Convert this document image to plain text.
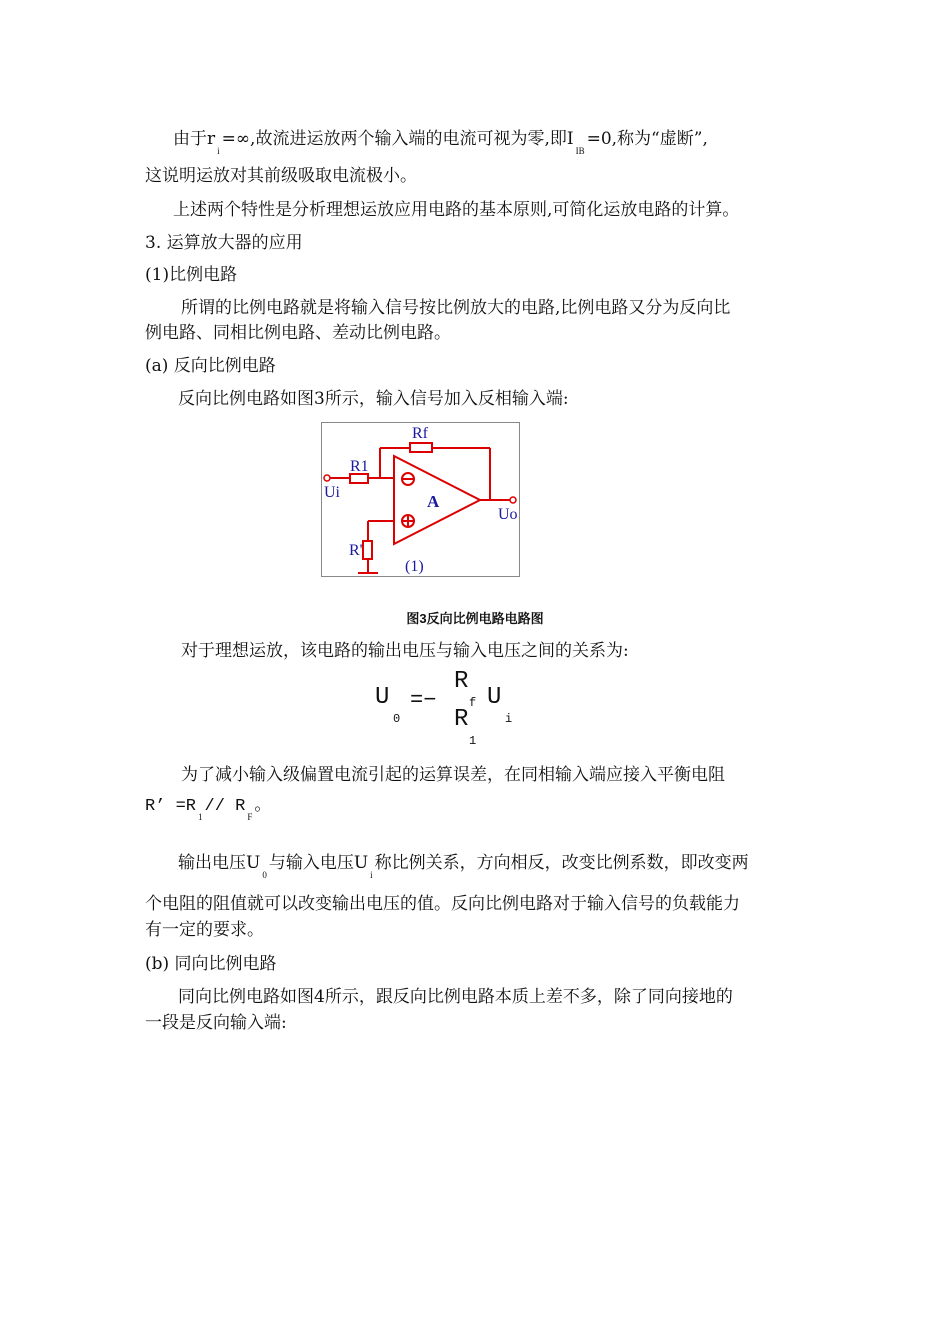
由于$r_i=\infty$,故流进运放两个输入端的电流可视为零,即$I_{IB}=0$,称为“虚断”,
这说明运放对其前级吸取电流极小。
上述两个特性是分析理想运放应用电路的基本原则,可简化运放电路的计算。
3. 运算放大器的应用
(1)比例电路
所谓的比例电路就是将输入信号按比例放大的电路,比例电路又分为反向比
例电路、同相比例电路、差动比例电路。
(a) 反向比例电路
反向比例电路如图3所示，输入信号加入反相输入端:
Rf
R1
Ui	A
Uo
R'
(1)
图3反向比例电路电路图
对于理想运放，该电路的输出电压与输入电压之间的关系为:
U
0
=−
R
f
R
1
U
i
为了减小输入级偏置电流引起的运算误差，在同相输入端应接入平衡电阻
R’ $=R_1//$ $R_F$。
输出电压$U_0$与输入电压$U_i$称比例关系，方向相反，改变比例系数，即改变两
个电阻的阻值就可以改变输出电压的值。反向比例电路对于输入信号的负载能力
有一定的要求。
(b) 同向比例电路
同向比例电路如图4所示，跟反向比例电路本质上差不多，除了同向接地的
一段是反向输入端:
